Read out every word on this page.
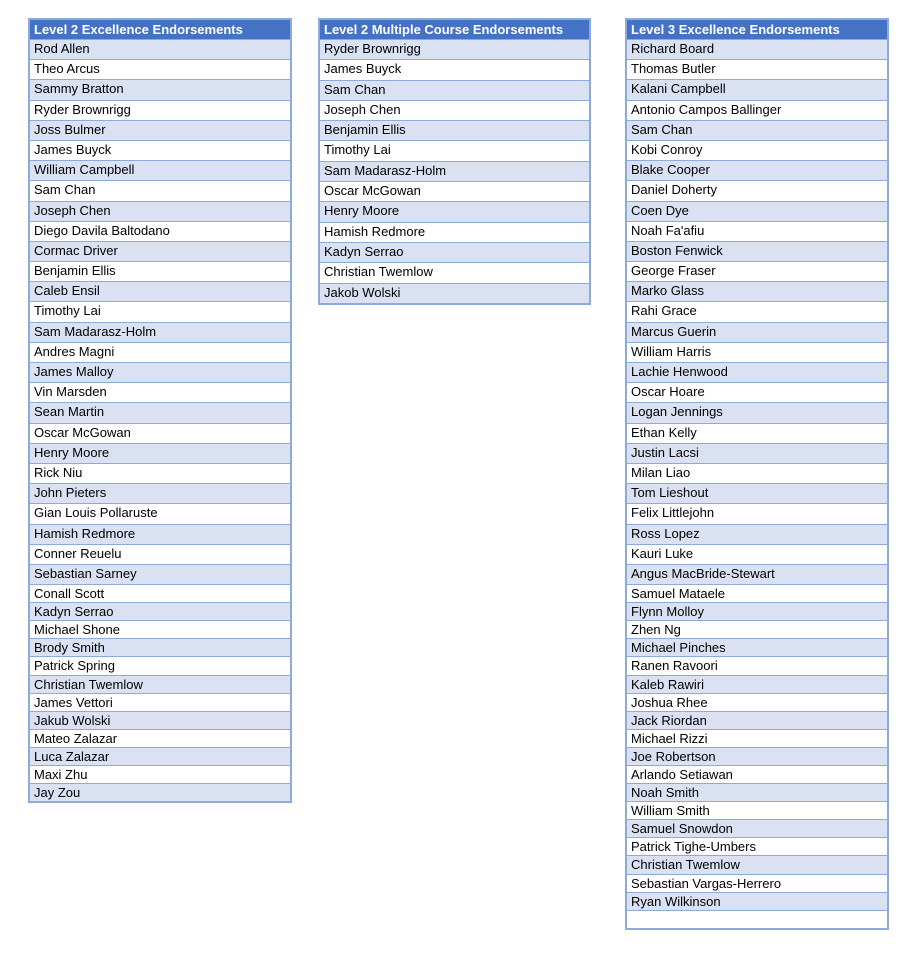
Level 2 Excellence Endorsements
Rod Allen
Theo Arcus
Sammy Bratton
Ryder Brownrigg
Joss Bulmer
James Buyck
William Campbell
Sam Chan
Joseph Chen
Diego Davila Baltodano
Cormac Driver
Benjamin Ellis
Caleb Ensil
Timothy Lai
Sam Madarasz-Holm
Andres Magni
James Malloy
Vin Marsden
Sean Martin
Oscar McGowan
Henry Moore
Rick Niu
John Pieters
Gian Louis Pollaruste
Hamish Redmore
Conner Reuelu
Sebastian Sarney
Conall Scott
Kadyn Serrao
Michael Shone
Brody Smith
Patrick Spring
Christian Twemlow
James Vettori
Jakub Wolski
Mateo Zalazar
Luca Zalazar
Maxi Zhu
Jay Zou
Level 2 Multiple Course Endorsements
Ryder Brownrigg
James Buyck
Sam Chan
Joseph Chen
Benjamin Ellis
Timothy Lai
Sam Madarasz-Holm
Oscar McGowan
Henry Moore
Hamish Redmore
Kadyn Serrao
Christian Twemlow
Jakob Wolski
Level 3 Excellence Endorsements
Richard Board
Thomas Butler
Kalani Campbell
Antonio Campos Ballinger
Sam Chan
Kobi Conroy
Blake Cooper
Daniel Doherty
Coen Dye
Noah Fa'afiu
Boston Fenwick
George Fraser
Marko Glass
Rahi Grace
Marcus Guerin
William Harris
Lachie Henwood
Oscar Hoare
Logan Jennings
Ethan Kelly
Justin Lacsi
Milan Liao
Tom Lieshout
Felix Littlejohn
Ross Lopez
Kauri Luke
Angus MacBride-Stewart
Samuel Mataele
Flynn Molloy
Zhen Ng
Michael Pinches
Ranen Ravoori
Kaleb Rawiri
Joshua Rhee
Jack Riordan
Michael Rizzi
Joe Robertson
Arlando Setiawan
Noah Smith
William Smith
Samuel Snowdon
Patrick Tighe-Umbers
Christian Twemlow
Sebastian Vargas-Herrero
Ryan Wilkinson
